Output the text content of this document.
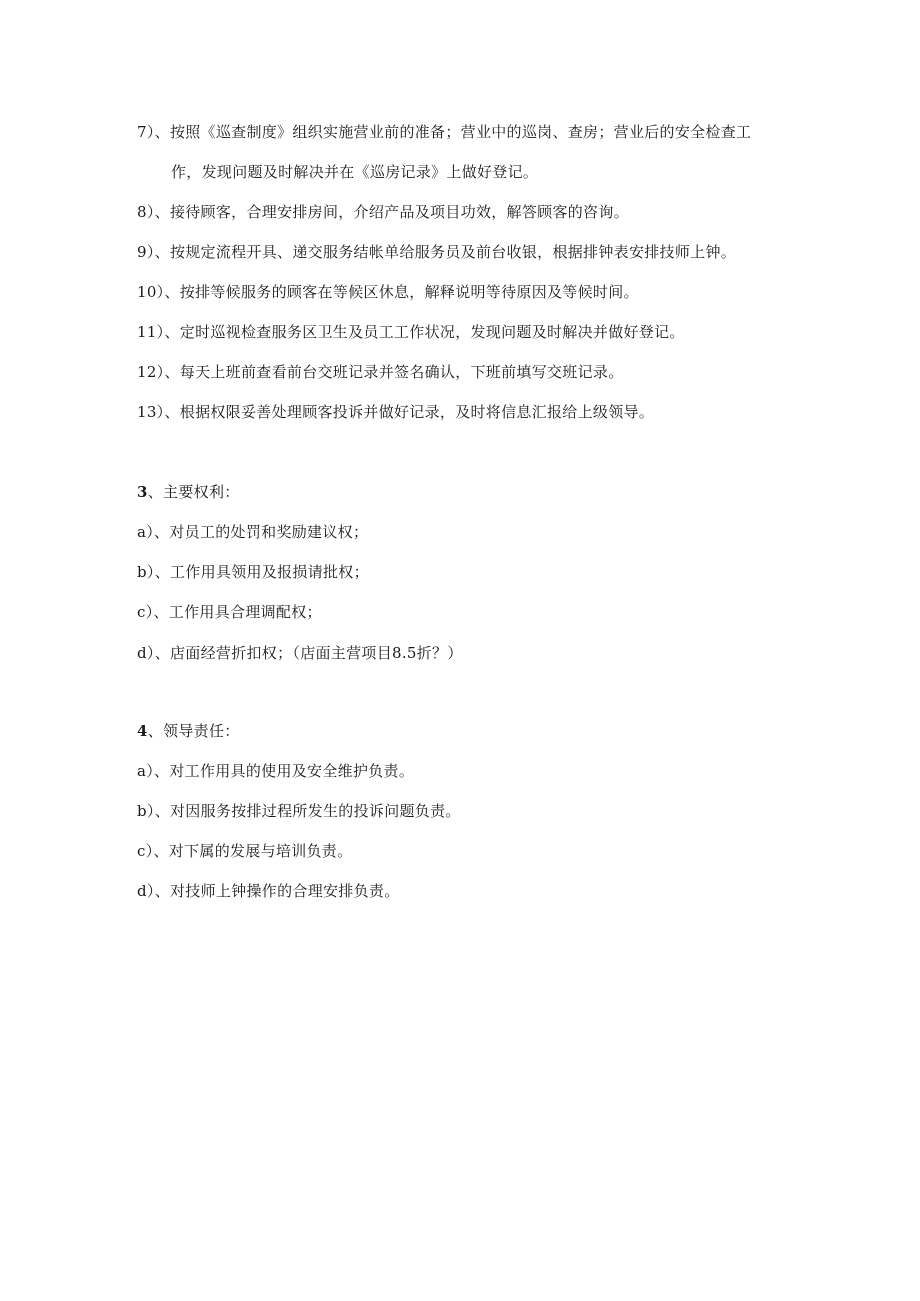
7）、按照《巡查制度》组织实施营业前的准备；营业中的巡岗、查房；营业后的安全检查工
作，发现问题及时解决并在《巡房记录》上做好登记。
8）、接待顾客，合理安排房间，介绍产品及项目功效，解答顾客的咨询。
9）、按规定流程开具、递交服务结帐单给服务员及前台收银，根据排钟表安排技师上钟。
10）、按排等候服务的顾客在等候区休息，解释说明等待原因及等候时间。
11）、定时巡视检查服务区卫生及员工工作状况，发现问题及时解决并做好登记。
12）、每天上班前查看前台交班记录并签名确认，下班前填写交班记录。
13）、根据权限妥善处理顾客投诉并做好记录，及时将信息汇报给上级领导。
3、主要权利：
a）、对员工的处罚和奖励建议权；
b）、工作用具领用及报损请批权；
c）、工作用具合理调配权；
d）、店面经营折扣权；（店面主营项目8.5折？）
4、领导责任：
a）、对工作用具的使用及安全维护负责。
b）、对因服务按排过程所发生的投诉问题负责。
c）、对下属的发展与培训负责。
d）、对技师上钟操作的合理安排负责。
